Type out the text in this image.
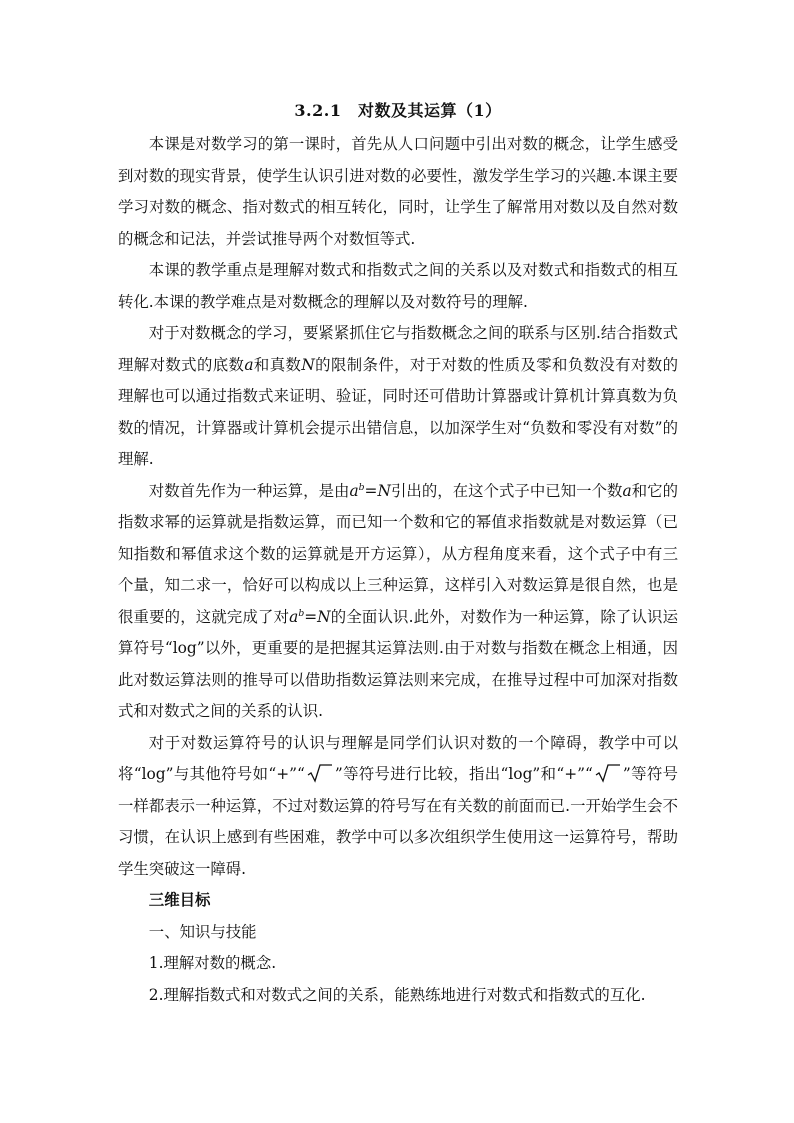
3.2.1　对数及其运算（1）

本课是对数学习的第一课时，首先从人口问题中引出对数的概念，让学生感受到对数的现实背景，使学生认识引进对数的必要性，激发学生学习的兴趣.本课主要学习对数的概念、指对数式的相互转化，同时，让学生了解常用对数以及自然对数的概念和记法，并尝试推导两个对数恒等式.

本课的教学重点是理解对数式和指数式之间的关系以及对数式和指数式的相互转化.本课的教学难点是对数概念的理解以及对数符号的理解.

对于对数概念的学习，要紧紧抓住它与指数概念之间的联系与区别.结合指数式理解对数式的底数a和真数N的限制条件，对于对数的性质及零和负数没有对数的理解也可以通过指数式来证明、验证，同时还可借助计算器或计算机计算真数为负数的情况，计算器或计算机会提示出错信息，以加深学生对“负数和零没有对数”的理解.

对数首先作为一种运算，是由$a^b=N$引出的，在这个式子中已知一个数a和它的指数求幂的运算就是指数运算，而已知一个数和它的幂值求指数就是对数运算（已知指数和幂值求这个数的运算就是开方运算），从方程角度来看，这个式子中有三个量，知二求一，恰好可以构成以上三种运算，这样引入对数运算是很自然，也是很重要的，这就完成了对$a^b=N$的全面认识.此外，对数作为一种运算，除了认识运算符号“log”以外，更重要的是把握其运算法则.由于对数与指数在概念上相通，因此对数运算法则的推导可以借助指数运算法则来完成，在推导过程中可加深对指数式和对数式之间的关系的认识.

对于对数运算符号的认识与理解是同学们认识对数的一个障碍，教学中可以将“log”与其他符号如“+”“ ”等符号进行比较，指出“log”和“+”“ ”等符号一样都表示一种运算，不过对数运算的符号写在有关数的前面而已.一开始学生会不习惯，在认识上感到有些困难，教学中可以多次组织学生使用这一运算符号，帮助学生突破这一障碍.

三维目标

一、知识与技能

1.理解对数的概念.

2.理解指数式和对数式之间的关系，能熟练地进行对数式和指数式的互化.
